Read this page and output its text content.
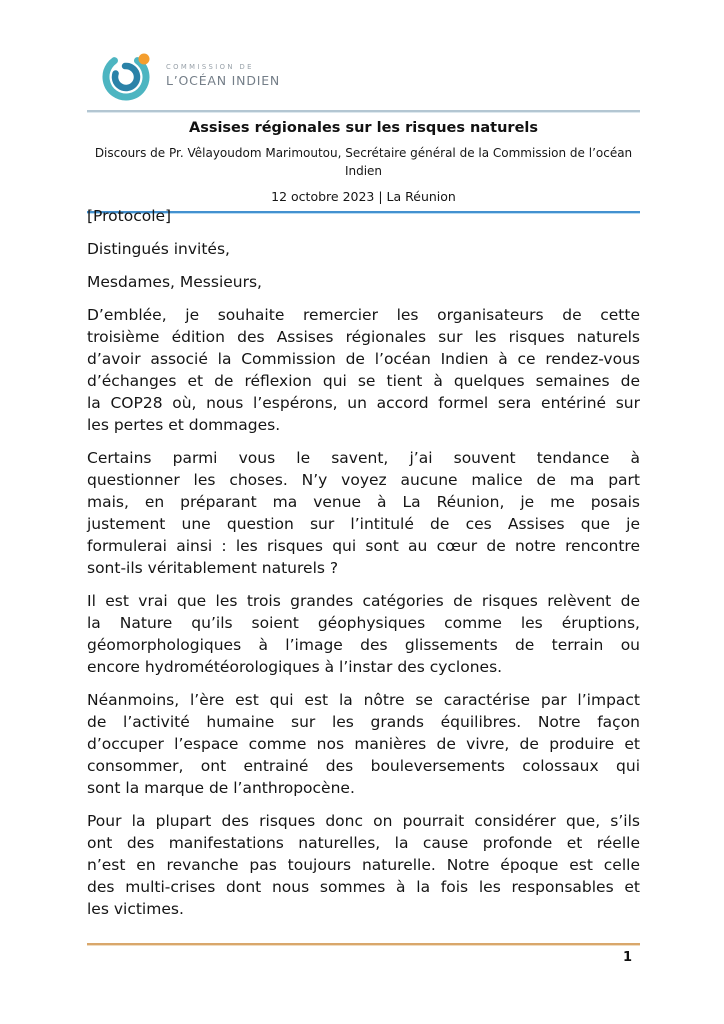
COMMISSION DE
L’OCÉAN INDIEN
Assises régionales sur les risques naturels

Discours de Pr. Vêlayoudom Marimoutou, Secrétaire général de la Commission de l’océan
Indien

12 octobre 2023 | La Réunion

[Protocole]

Distingués invités,

Mesdames, Messieurs,

D’emblée, je souhaite remercier les organisateurs de cette
troisième édition des Assises régionales sur les risques naturels
d’avoir associé la Commission de l’océan Indien à ce rendez-vous
d’échanges et de réflexion qui se tient à quelques semaines de
la COP28 où, nous l’espérons, un accord formel sera entériné sur
les pertes et dommages.

Certains parmi vous le savent, j’ai souvent tendance à
questionner les choses. N’y voyez aucune malice de ma part
mais, en préparant ma venue à La Réunion, je me posais
justement une question sur l’intitulé de ces Assises que je
formulerai ainsi : les risques qui sont au cœur de notre rencontre
sont-ils véritablement naturels ?

Il est vrai que les trois grandes catégories de risques relèvent de
la Nature qu’ils soient géophysiques comme les éruptions,
géomorphologiques à l’image des glissements de terrain ou
encore hydrométéorologiques à l’instar des cyclones.

Néanmoins, l’ère est qui est la nôtre se caractérise par l’impact
de l’activité humaine sur les grands équilibres. Notre façon
d’occuper l’espace comme nos manières de vivre, de produire et
consommer, ont entrainé des bouleversements colossaux qui
sont la marque de l’anthropocène.

Pour la plupart des risques donc on pourrait considérer que, s’ils
ont des manifestations naturelles, la cause profonde et réelle
n’est en revanche pas toujours naturelle. Notre époque est celle
des multi-crises dont nous sommes à la fois les responsables et
les victimes.

1
